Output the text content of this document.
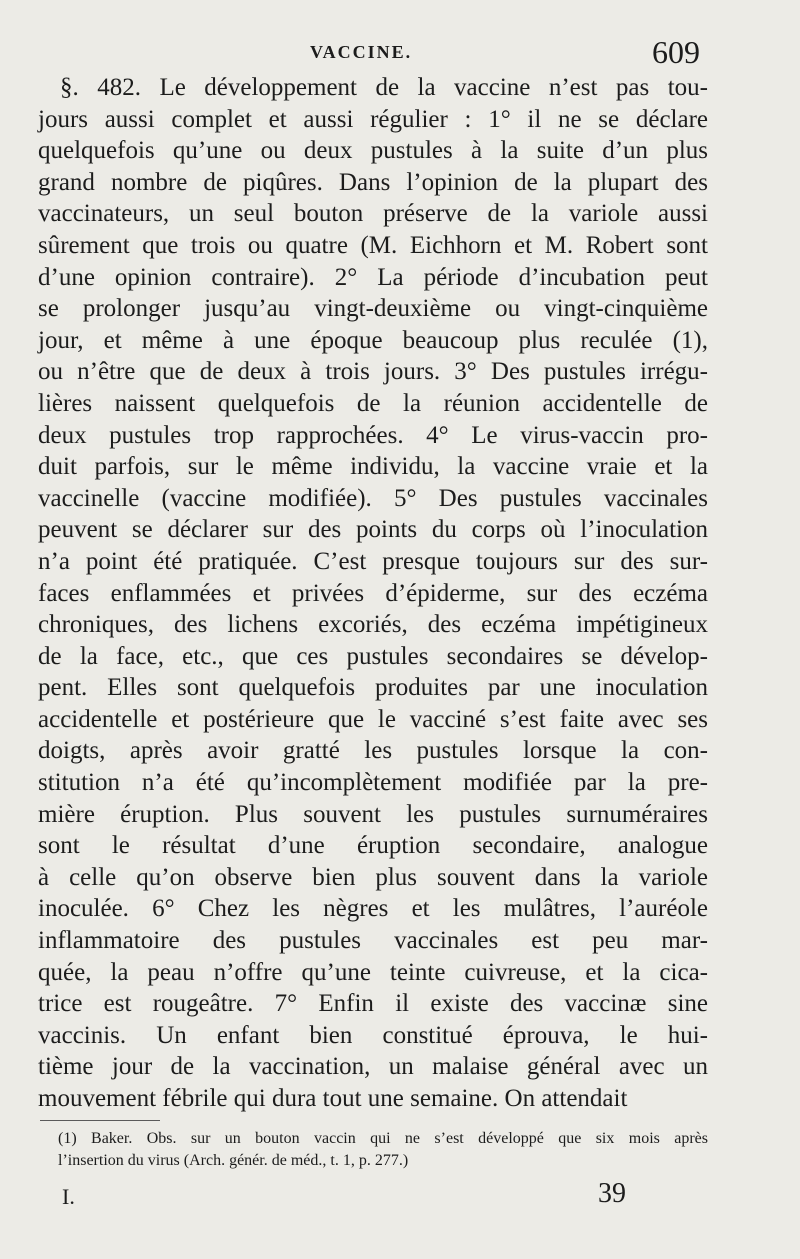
VACCINE.	609
§. 482. Le développement de la vaccine n’est pas tou-
jours aussi complet et aussi régulier : 1° il ne se déclare
quelquefois qu’une ou deux pustules à la suite d’un plus
grand nombre de piqûres. Dans l’opinion de la plupart des
vaccinateurs, un seul bouton préserve de la variole aussi
sûrement que trois ou quatre (M. Eichhorn et M. Robert sont
d’une opinion contraire). 2° La période d’incubation peut
se prolonger jusqu’au vingt-deuxième ou vingt-cinquième
jour, et même à une époque beaucoup plus reculée (1),
ou n’être que de deux à trois jours. 3° Des pustules irrégu-
lières naissent quelquefois de la réunion accidentelle de
deux pustules trop rapprochées. 4° Le virus-vaccin pro-
duit parfois, sur le même individu, la vaccine vraie et la
vaccinelle (vaccine modifiée). 5° Des pustules vaccinales
peuvent se déclarer sur des points du corps où l’inoculation
n’a point été pratiquée. C’est presque toujours sur des sur-
faces enflammées et privées d’épiderme, sur des eczéma
chroniques, des lichens excoriés, des eczéma impétigineux
de la face, etc., que ces pustules secondaires se dévelop-
pent. Elles sont quelquefois produites par une inoculation
accidentelle et postérieure que le vacciné s’est faite avec ses
doigts, après avoir gratté les pustules lorsque la con-
stitution n’a été qu’incomplètement modifiée par la pre-
mière éruption. Plus souvent les pustules surnuméraires
sont le résultat d’une éruption secondaire, analogue
à celle qu’on observe bien plus souvent dans la variole
inoculée. 6° Chez les nègres et les mulâtres, l’auréole
inflammatoire des pustules vaccinales est peu mar-
quée, la peau n’offre qu’une teinte cuivreuse, et la cica-
trice est rougeâtre. 7° Enfin il existe des vaccinæ sine
vaccinis. Un enfant bien constitué éprouva, le hui-
tième jour de la vaccination, un malaise général avec un
mouvement fébrile qui dura tout une semaine. On attendait
(1) Baker. Obs. sur un bouton vaccin qui ne s’est développé que six mois après
l’insertion du virus (Arch. génér. de méd., t. 1, p. 277.)
I.	39
